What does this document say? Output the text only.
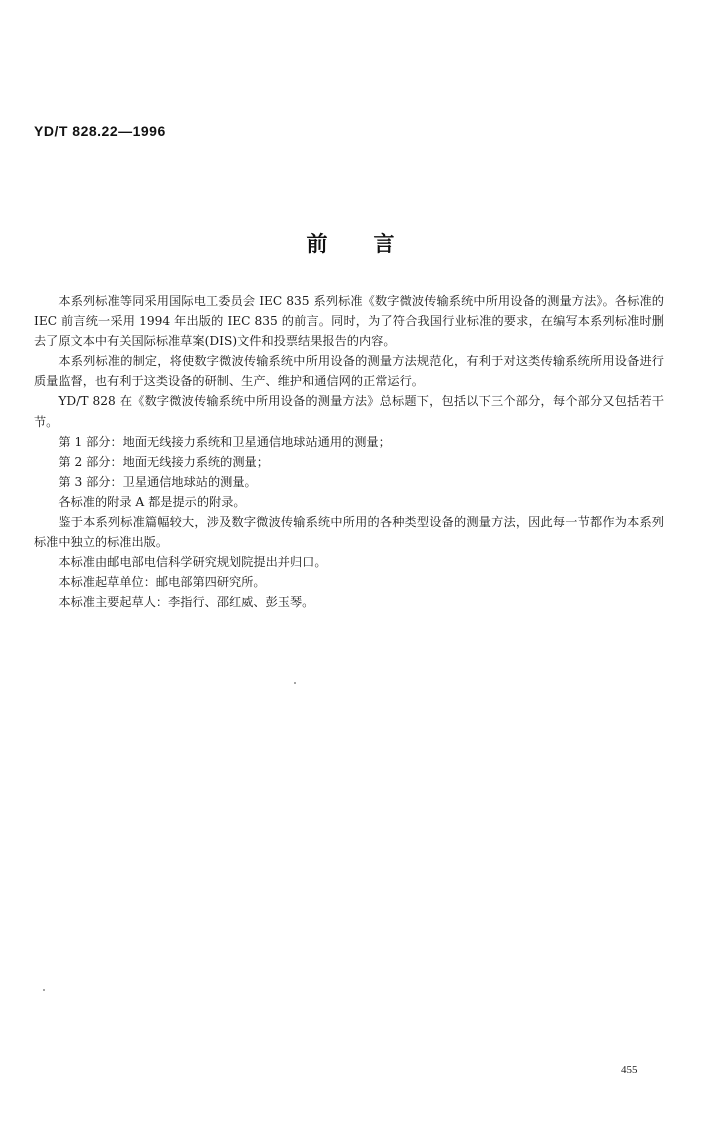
YD/T 828.22—1996
前言

本系列标准等同采用国际电工委员会 IEC 835 系列标准《数字微波传输系统中所用设备的测量方法》。各标准的 IEC 前言统一采用 1994 年出版的 IEC 835 的前言。同时，为了符合我国行业标准的要求，在编写本系列标准时删去了原文本中有关国际标准草案(DIS)文件和投票结果报告的内容。

本系列标准的制定，将使数字微波传输系统中所用设备的测量方法规范化，有利于对这类传输系统所用设备进行质量监督，也有利于这类设备的研制、生产、维护和通信网的正常运行。

YD/T 828 在《数字微波传输系统中所用设备的测量方法》总标题下，包括以下三个部分，每个部分又包括若干节。

第 1 部分：地面无线接力系统和卫星通信地球站通用的测量；

第 2 部分：地面无线接力系统的测量；

第 3 部分：卫星通信地球站的测量。

各标准的附录 A 都是提示的附录。

鉴于本系列标准篇幅较大，涉及数字微波传输系统中所用的各种类型设备的测量方法，因此每一节都作为本系列标准中独立的标准出版。

本标准由邮电部电信科学研究规划院提出并归口。

本标准起草单位：邮电部第四研究所。

本标准主要起草人：李指行、邵红威、彭玉琴。

455
